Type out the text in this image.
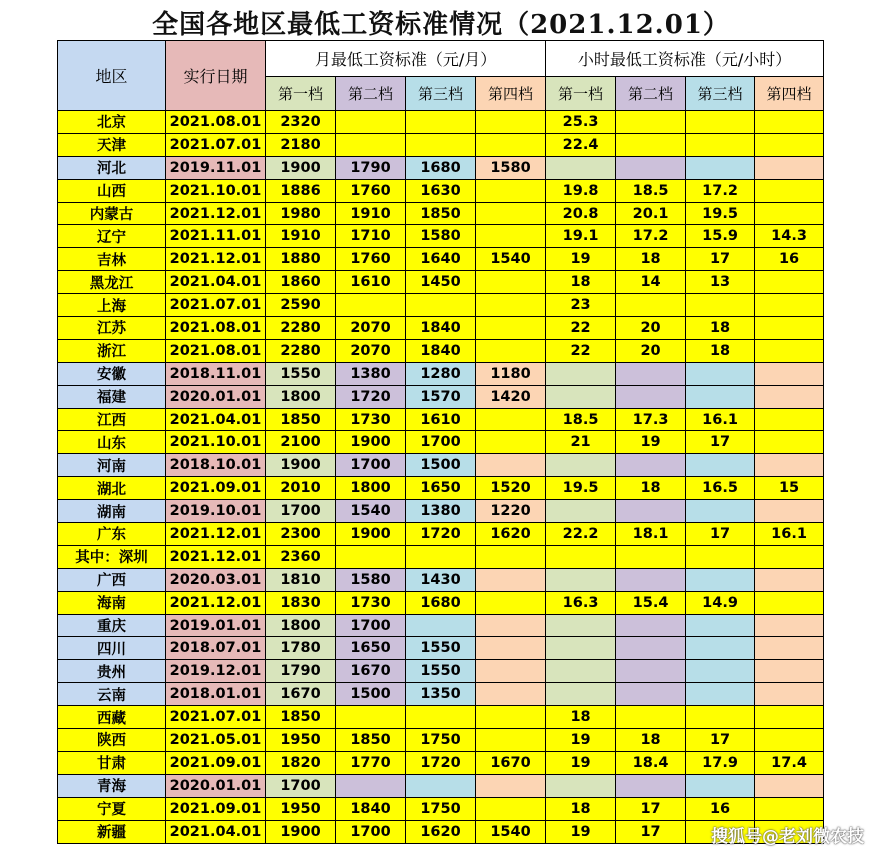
全国各地区最低工资标准情况（2021.12.01）
地区	实行日期	月最低工资标准（元/月）				小时最低工资标准（元/小时）			
		第一档	第二档	第三档	第四档	第一档	第二档	第三档	第四档
北京	2021.08.01	2320				25.3			
天津	2021.07.01	2180				22.4			
河北	2019.11.01	1900	1790	1680	1580				
山西	2021.10.01	1886	1760	1630		19.8	18.5	17.2	
内蒙古	2021.12.01	1980	1910	1850		20.8	20.1	19.5	
辽宁	2021.11.01	1910	1710	1580		19.1	17.2	15.9	14.3
吉林	2021.12.01	1880	1760	1640	1540	19	18	17	16
黑龙江	2021.04.01	1860	1610	1450		18	14	13	
上海	2021.07.01	2590				23			
江苏	2021.08.01	2280	2070	1840		22	20	18	
浙江	2021.08.01	2280	2070	1840		22	20	18	
安徽	2018.11.01	1550	1380	1280	1180				
福建	2020.01.01	1800	1720	1570	1420				
江西	2021.04.01	1850	1730	1610		18.5	17.3	16.1	
山东	2021.10.01	2100	1900	1700		21	19	17	
河南	2018.10.01	1900	1700	1500					
湖北	2021.09.01	2010	1800	1650	1520	19.5	18	16.5	15
湖南	2019.10.01	1700	1540	1380	1220				
广东	2021.12.01	2300	1900	1720	1620	22.2	18.1	17	16.1
其中：深圳	2021.12.01	2360							
广西	2020.03.01	1810	1580	1430					
海南	2021.12.01	1830	1730	1680		16.3	15.4	14.9	
重庆	2019.01.01	1800	1700						
四川	2018.07.01	1780	1650	1550					
贵州	2019.12.01	1790	1670	1550					
云南	2018.01.01	1670	1500	1350					
西藏	2021.07.01	1850				18			
陕西	2021.05.01	1950	1850	1750		19	18	17	
甘肃	2021.09.01	1820	1770	1720	1670	19	18.4	17.9	17.4
青海	2020.01.01	1700							
宁夏	2021.09.01	1950	1840	1750		18	17	16	
新疆	2021.04.01	1900	1700	1620	1540	19	17			搜狐号@老刘微农技
